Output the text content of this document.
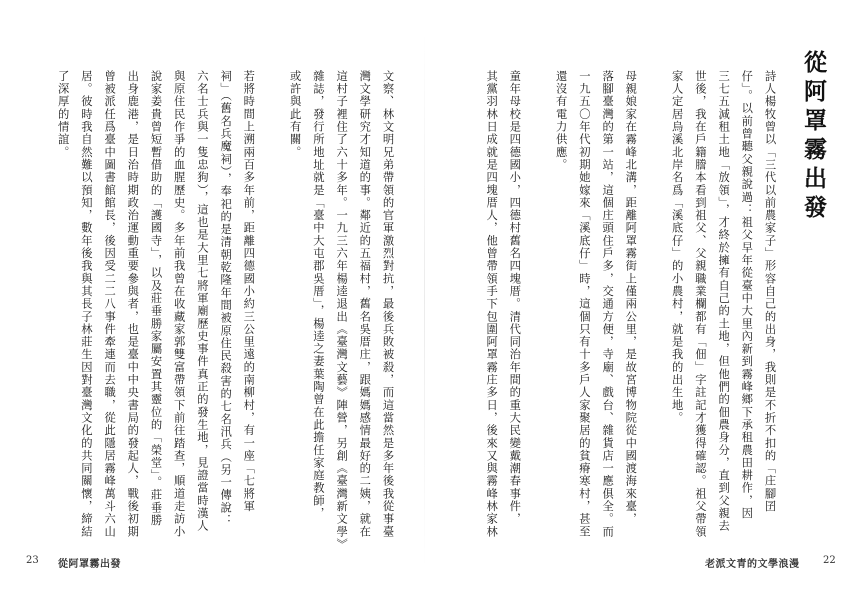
從阿罩霧出發
詩人楊牧曾以「三代以前農家子」形容自己的出身，我則是不折不扣的「庄腳囝
仔」。以前曾聽父親說過：祖父早年從臺中大里內新到霧峰鄉下承租農田耕作，因
三七五減租土地「放領」，才終於擁有自己的土地，但他們的佃農身分，直到父親去
世後，我在戶籍謄本看到祖父、父親職業欄都有「佃」字註記才獲得確認。祖父帶領
家人定居烏溪北岸名爲「溪底仔」的小農村，就是我的出生地。
母親娘家在霧峰北溝，距離阿罩霧街上僅兩公里，是故宮博物院從中國渡海來臺，
落腳臺灣的第一站，這個庄頭住戶多，交通方便，寺廟、戲台、雜貨店一應俱全。而
一九五〇年代初期她嫁來「溪底仔」時，這個只有十多戶人家聚居的貧瘠寒村，甚至
還沒有電力供應。
童年母校是四德國小，四德村舊名四塊厝。清代同治年間的重大民變戴潮春事件，
其黨羽林日成就是四塊厝人，他曾帶領手下包圍阿罩霧庄多日，後來又與霧峰林家林
22
老派文青的文學浪漫
文察、林文明兄弟帶領的官軍激烈對抗，最後兵敗被殺，而這當然是多年後我從事臺
灣文學研究才知道的事。鄰近的五福村，舊名吳厝庄，跟媽媽感情最好的二姨，就在
這村子裡住了六十多年。一九三六年楊逵退出《臺灣文藝》陣營，另創《臺灣新文學》
雜誌，發行所地址就是「臺中大屯郡吳厝」，楊逵之妻葉陶曾在此擔任家庭教師，
或許與此有關。
若將時間上溯兩百多年前，距離四德國小約三公里遠的南柳村，有一座「七將軍
祠」（舊名兵魔祠），奉祀的是清朝乾隆年間被原住民殺害的七名汛兵（另一傳說：
六名士兵與一隻忠狗），這也是大里七將軍廟歷史事件真正的發生地，見證當時漢人
與原住民作爭的血腥歷史。多年前我曾在收藏家郭雙富帶領下前往踏查，順道走訪小
說家姜貴曾短暫借助的「護國寺」，以及莊垂勝家屬安置其靈位的「榮堂」。莊垂勝
出身鹿港，是日治時期政治運動重要參與者，也是臺中中央書局的發起人，戰後初期
曾被派任爲臺中圖書館館長，後因受二二八事件牽連而去職，從此隱居霧峰萬斗六山
居。彼時我自然難以預知，數年後我與其長子林莊生因對臺灣文化的共同關懷，締結
了深厚的情誼。
23 從阿罩霧出發
